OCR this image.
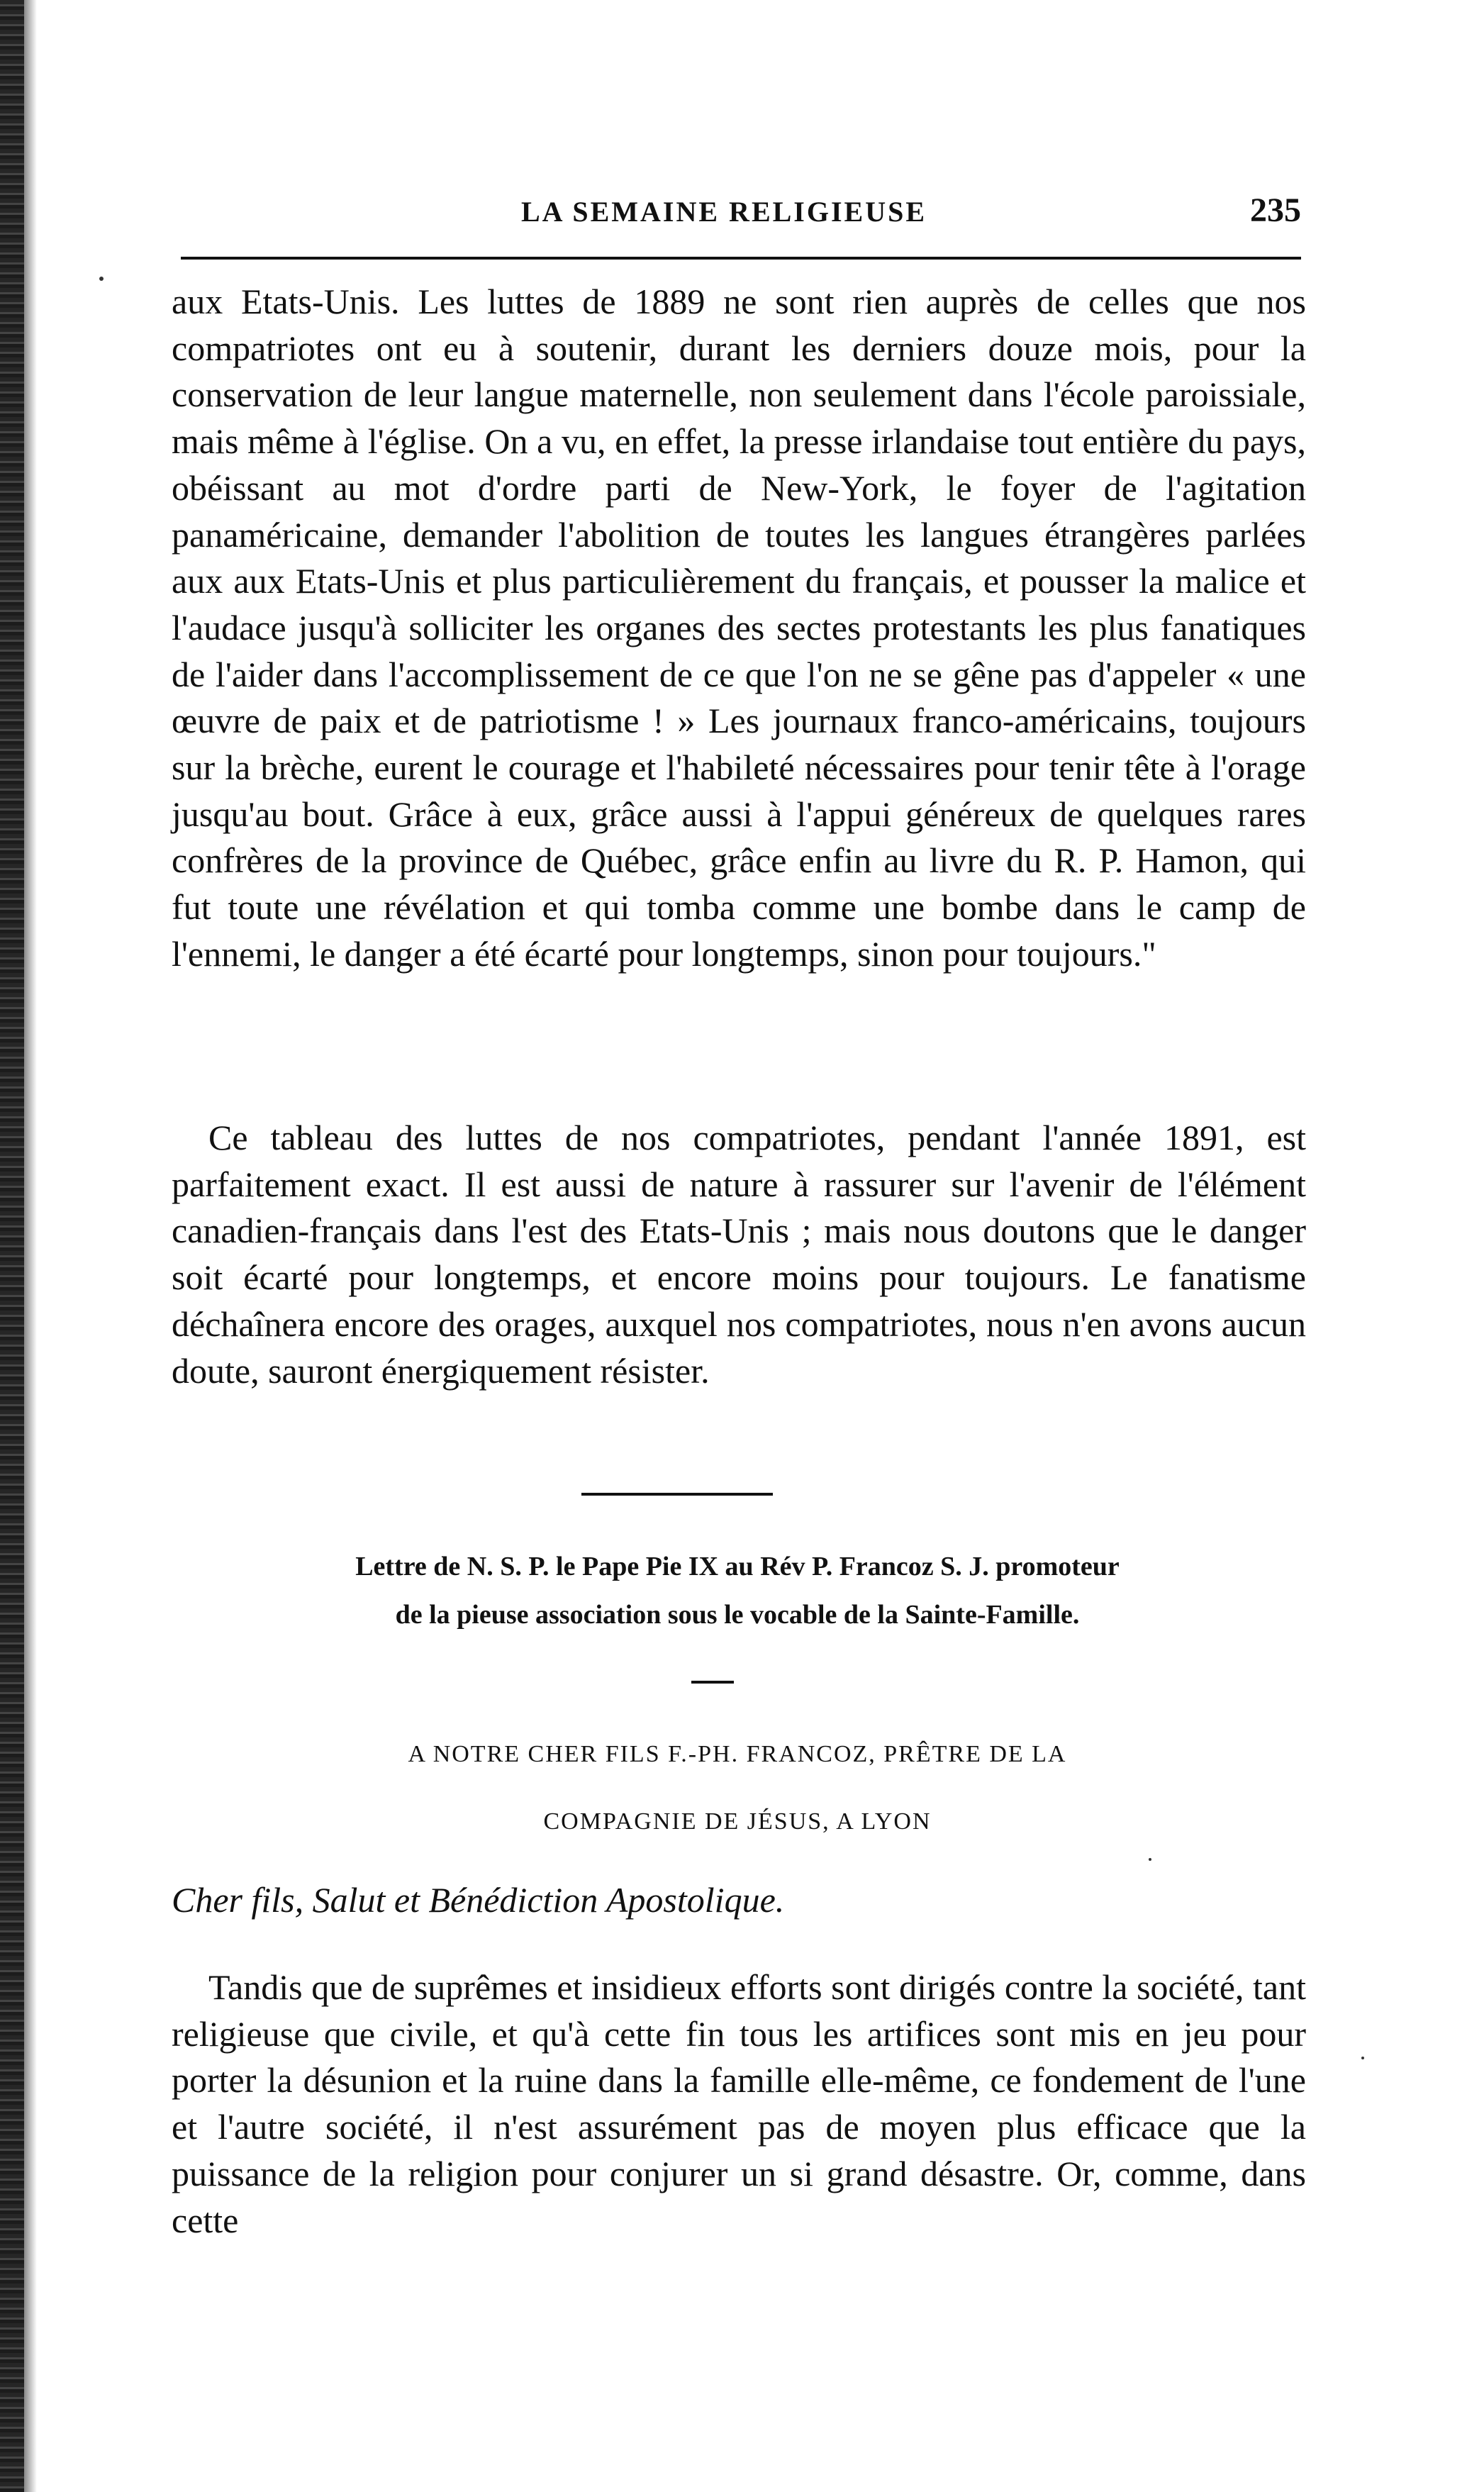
LA SEMAINE RELIGIEUSE	235

aux Etats-Unis. Les luttes de 1889 ne sont rien auprès de celles que nos compatriotes ont eu à soutenir, durant les derniers douze mois, pour la conservation de leur langue maternelle, non seulement dans l'école paroissiale, mais même à l'église. On a vu, en effet, la presse irlandaise tout entière du pays, obéissant au mot d'ordre parti de New-York, le foyer de l'agitation panaméricaine, demander l'abolition de toutes les langues étrangères parlées aux aux Etats-Unis et plus particulièrement du français, et pousser la malice et l'audace jusqu'à solliciter les organes des sectes protestants les plus fanatiques de l'aider dans l'accomplissement de ce que l'on ne se gêne pas d'appeler « une œuvre de paix et de patriotisme ! » Les journaux franco-américains, toujours sur la brèche, eurent le courage et l'habileté nécessaires pour tenir tête à l'orage jusqu'au bout. Grâce à eux, grâce aussi à l'appui généreux de quelques rares confrères de la province de Québec, grâce enfin au livre du R. P. Hamon, qui fut toute une révélation et qui tomba comme une bombe dans le camp de l'ennemi, le danger a été écarté pour longtemps, sinon pour toujours."

Ce tableau des luttes de nos compatriotes, pendant l'année 1891, est parfaitement exact. Il est aussi de nature à rassurer sur l'avenir de l'élément canadien-français dans l'est des Etats-Unis ; mais nous doutons que le danger soit écarté pour longtemps, et encore moins pour toujours. Le fanatisme déchaînera encore des orages, auxquel nos compatriotes, nous n'en avons aucun doute, sauront énergiquement résister.

Lettre de N. S. P. le Pape Pie IX au Rév P. Francoz S. J. promoteur
de la pieuse association sous le vocable de la Sainte-Famille.

A NOTRE CHER FILS F.-PH. FRANCOZ, PRÊTRE DE LA

COMPAGNIE DE JÉSUS, A LYON

Cher fils, Salut et Bénédiction Apostolique.

Tandis que de suprêmes et insidieux efforts sont dirigés contre la société, tant religieuse que civile, et qu'à cette fin tous les artifices sont mis en jeu pour porter la désunion et la ruine dans la famille elle-même, ce fondement de l'une et l'autre société, il n'est assurément pas de moyen plus efficace que la puissance de la religion pour conjurer un si grand désastre. Or, comme, dans cette
